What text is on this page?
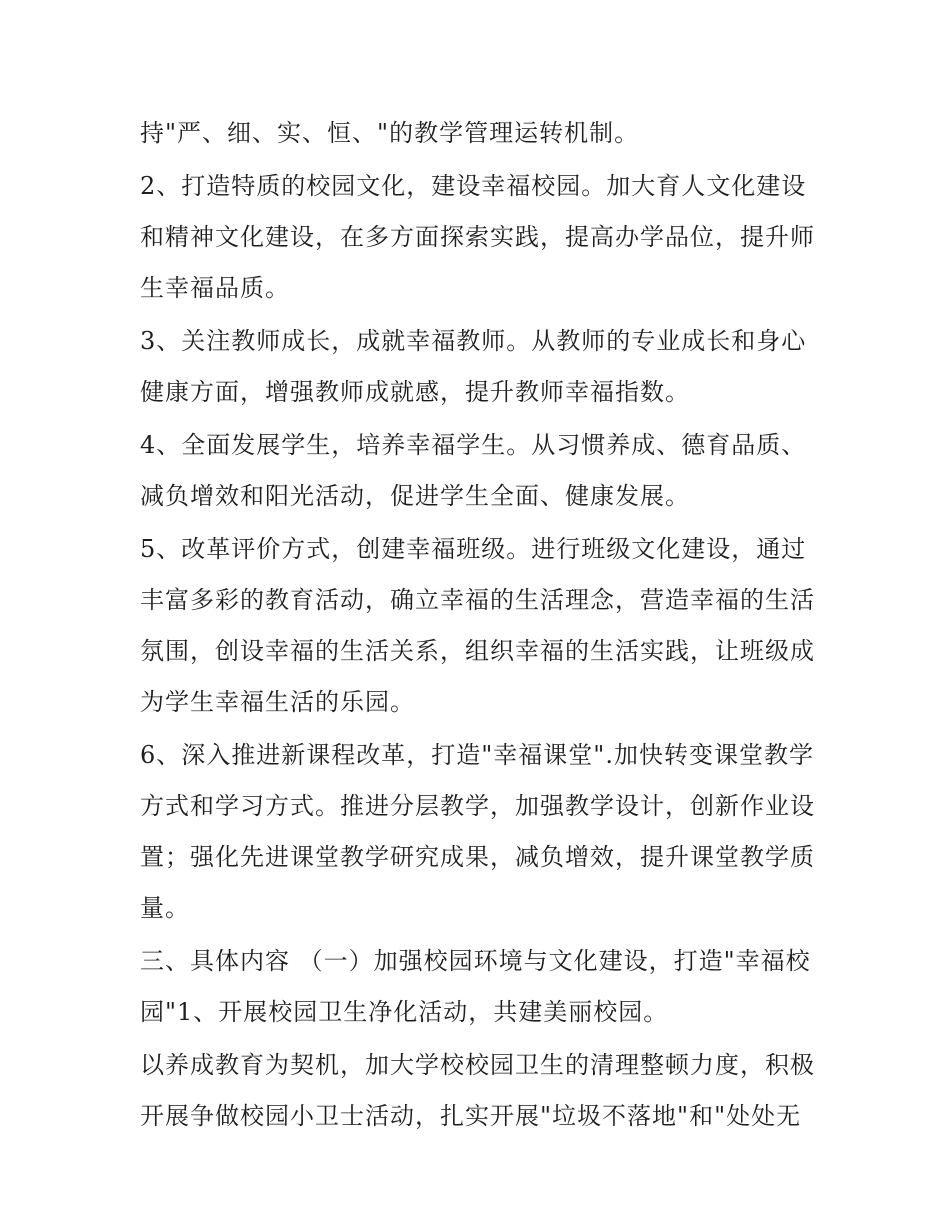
持"严、细、实、恒、"的教学管理运转机制。

2、打造特质的校园文化，建设幸福校园。加大育人文化建设
和精神文化建设，在多方面探索实践，提高办学品位，提升师
生幸福品质。

3、关注教师成长，成就幸福教师。从教师的专业成长和身心
健康方面，增强教师成就感，提升教师幸福指数。

4、全面发展学生，培养幸福学生。从习惯养成、德育品质、
减负增效和阳光活动，促进学生全面、健康发展。

5、改革评价方式，创建幸福班级。进行班级文化建设，通过
丰富多彩的教育活动，确立幸福的生活理念，营造幸福的生活
氛围，创设幸福的生活关系，组织幸福的生活实践，让班级成
为学生幸福生活的乐园。

6、深入推进新课程改革，打造"幸福课堂".加快转变课堂教学
方式和学习方式。推进分层教学，加强教学设计，创新作业设
置；强化先进课堂教学研究成果，减负增效，提升课堂教学质
量。

三、具体内容 （一）加强校园环境与文化建设，打造"幸福校
园"1、开展校园卫生净化活动，共建美丽校园。

以养成教育为契机，加大学校校园卫生的清理整顿力度，积极
开展争做校园小卫士活动，扎实开展"垃圾不落地"和"处处无
